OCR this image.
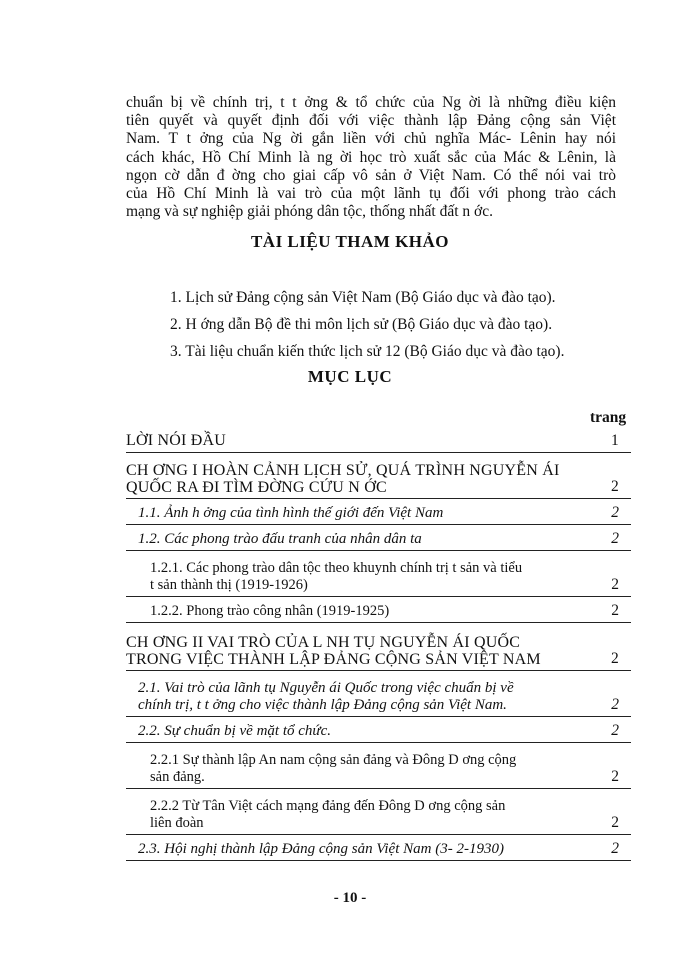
chuẩn bị về chính trị, t t ởng & tổ chức của Ng ời là những điều kiện
tiên quyết và quyết định đối với việc thành lập Đảng cộng sản Việt
Nam. T t ởng của Ng ời gắn liền với chủ nghĩa Mác- Lênin hay nói
cách khác, Hồ Chí Minh là ng ời học trò xuất sắc của Mác & Lênin, là
ngọn cờ dẫn đ ờng cho giai cấp vô sản ở Việt Nam. Có thể nói vai trò
của Hồ Chí Minh là vai trò của một lãnh tụ đối với phong trào cách
mạng và sự nghiệp giải phóng dân tộc, thống nhất đất n ớc.
TÀI LIỆU THAM KHẢO
1. Lịch sử Đảng cộng sản Việt Nam (Bộ Giáo dục và đào tạo).
2. H ớng dẫn Bộ đề thi môn lịch sử (Bộ Giáo dục và đào tạo).
3. Tài liệu chuẩn kiến thức lịch sử 12 (Bộ Giáo dục và đào tạo).
MỤC LỤC
trang
LỜI NÓI ĐẦU	1
CH ƠNG I HOÀN CẢNH LỊCH SỬ, QUÁ TRÌNH NGUYỄN ÁI
QUỐC RA ĐI TÌM ĐỜNG CỨU N ỚC	2
1.1. Ảnh h ởng của tình hình thế giới đến Việt Nam	2
1.2. Các phong trào đấu tranh của nhân dân ta	2
1.2.1. Các phong trào dân tộc theo khuynh chính trị t sản và tiểu
t sản thành thị (1919-1926)	2
1.2.2. Phong trào công nhân (1919-1925)	2
CH ƠNG II VAI TRÒ CỦA L NH TỤ NGUYỄN ÁI QUỐC
TRONG VIỆC THÀNH LẬP ĐẢNG CỘNG SẢN VIỆT NAM	2
2.1. Vai trò của lãnh tụ Nguyễn ái Quốc trong việc chuẩn bị về
chính trị, t t ởng cho việc thành lập Đảng cộng sản Việt Nam.	2
2.2. Sự chuẩn bị về mặt tổ chức.	2
2.2.1 Sự thành lập An nam cộng sản đảng và Đông D ơng cộng
sản đảng.	2
2.2.2 Từ Tân Việt cách mạng đảng đến Đông D ơng cộng sản
liên đoàn	2
2.3. Hội nghị thành lập Đảng cộng sản Việt Nam (3- 2-1930)	2
- 10 -
